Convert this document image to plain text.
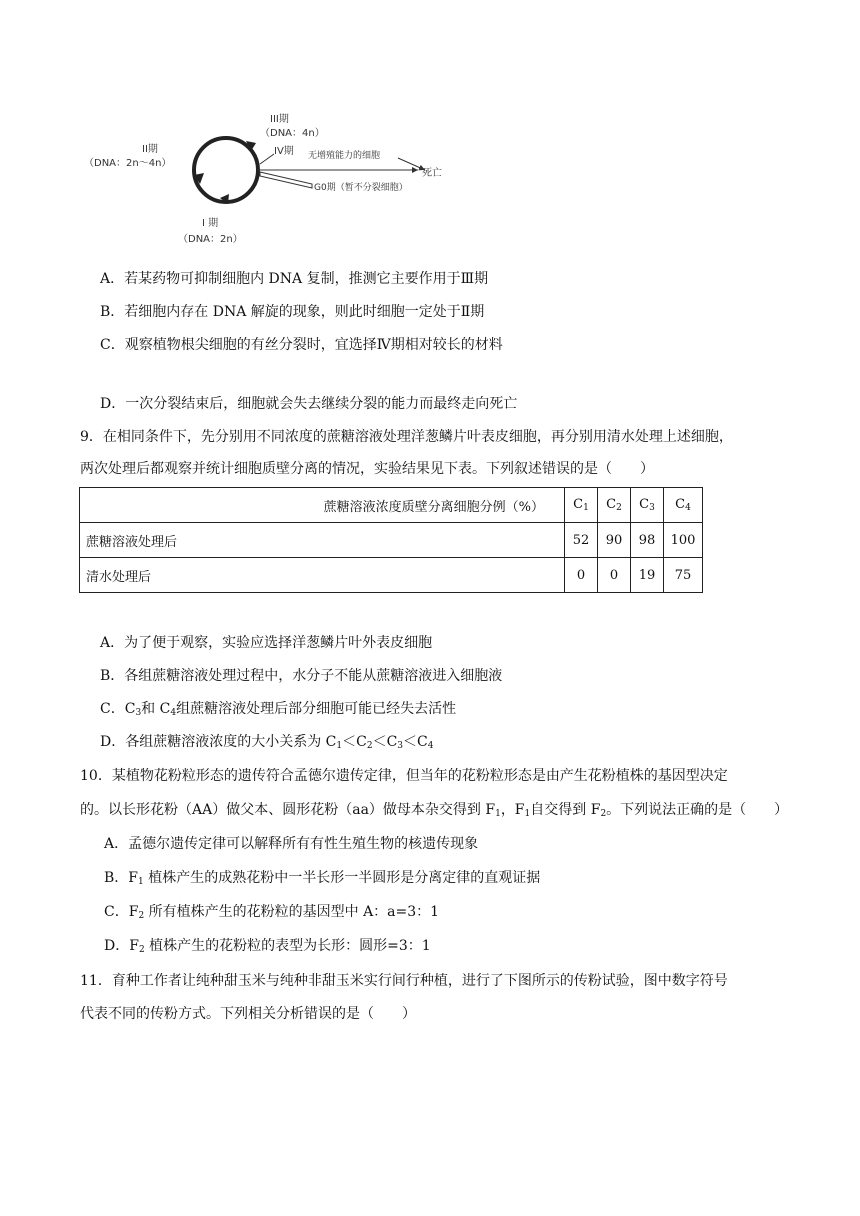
III期
（DNA：4n）
II期
（DNA：2n～4n）
IV期 无增殖能力的细胞
G0期（暂不分裂细胞）
死亡
I 期
（DNA：2n）
A．若某药物可抑制细胞内 DNA 复制，推测它主要作用于Ⅲ期
B．若细胞内存在 DNA 解旋的现象，则此时细胞一定处于Ⅱ期
C．观察植物根尖细胞的有丝分裂时，宜选择Ⅳ期相对较长的材料
D．一次分裂结束后，细胞就会失去继续分裂的能力而最终走向死亡
9．在相同条件下，先分别用不同浓度的蔗糖溶液处理洋葱鳞片叶表皮细胞，再分别用清水处理上述细胞，
两次处理后都观察并统计细胞质壁分离的情况，实验结果见下表。下列叙述错误的是（　　）
蔗糖溶液浓度质壁分离细胞分例（%）	$C_1$	$C_2$	$C_3$	$C_4$
蔗糖溶液处理后	52	90	98	100
清水处理后	0	0	19	75
A．为了便于观察，实验应选择洋葱鳞片叶外表皮细胞
B．各组蔗糖溶液处理过程中，水分子不能从蔗糖溶液进入细胞液
C．$C_3$和 $C_4$组蔗糖溶液处理后部分细胞可能已经失去活性
D．各组蔗糖溶液浓度的大小关系为 $C_1<C_2<C_3<C_4$
10．某植物花粉粒形态的遗传符合孟德尔遗传定律，但当年的花粉粒形态是由产生花粉植株的基因型决定
的。以长形花粉（AA）做父本、圆形花粉（aa）做母本杂交得到 $F_1$，$F_1$自交得到 $F_2$。下列说法正确的是（　　）
A．孟德尔遗传定律可以解释所有有性生殖生物的核遗传现象
B．$F_1$ 植株产生的成熟花粉中一半长形一半圆形是分离定律的直观证据
C．$F_2$ 所有植株产生的花粉粒的基因型中 A：a=3：1
D．$F_2$ 植株产生的花粉粒的表型为长形：圆形=3：1
11．育种工作者让纯种甜玉米与纯种非甜玉米实行间行种植，进行了下图所示的传粉试验，图中数字符号
代表不同的传粉方式。下列相关分析错误的是（　　）
